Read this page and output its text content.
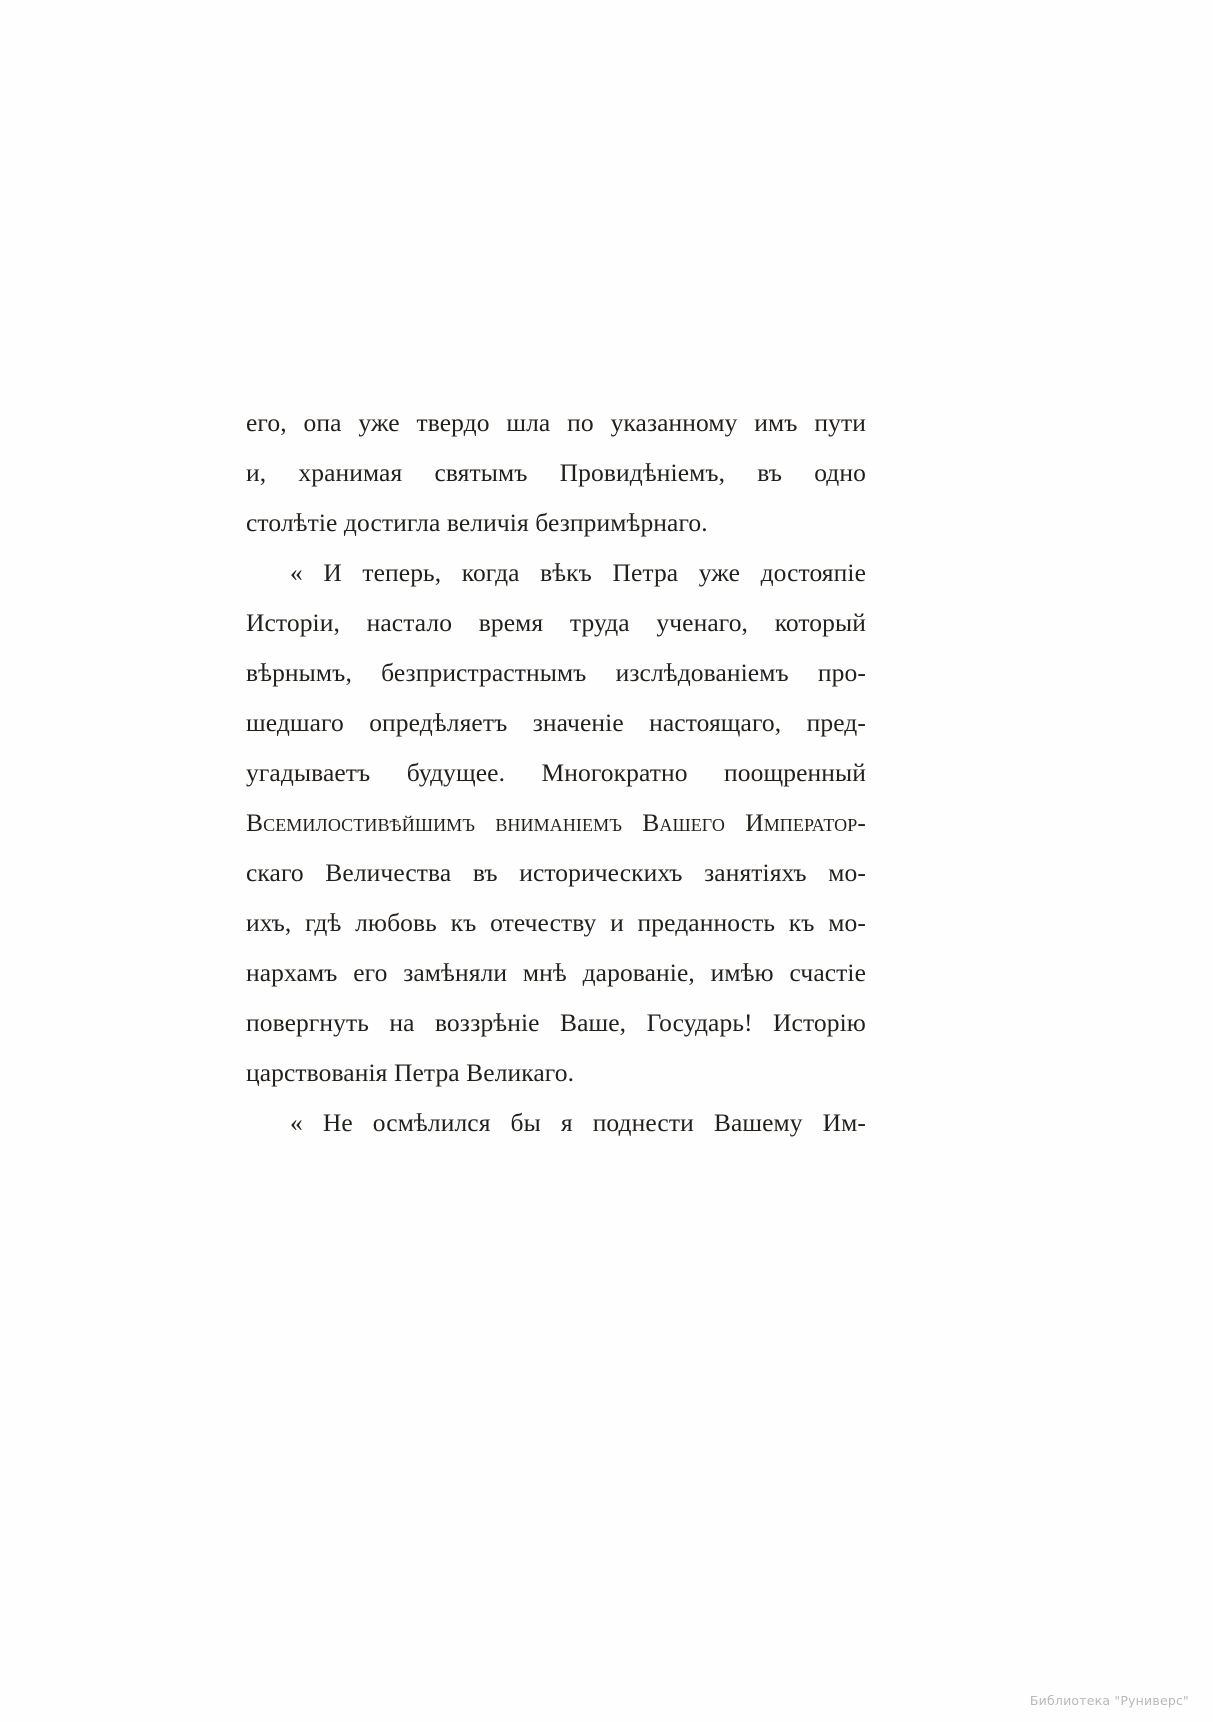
его, опа уже твердо шла по указанному имъ пути
и, хранимая святымъ Провидѣніемъ, въ одно
столѣтіе достигла величія безпримѣрнаго.

« И теперь, когда вѣкъ Петра уже достояпіе
Исторіи, настало время труда ученаго, который
вѣрнымъ, безпристрастнымъ изслѣдованіемъ про-
шедшаго опредѣляетъ значеніе настоящаго, пред-
угадываетъ будущее. Многократно поощренный
Всемилостивѣйшимъ вниманіемъ Вашего Император-
скаго Величества въ историческихъ занятіяхъ мо-
ихъ, гдѣ любовь къ отечеству и преданность къ мо-
нархамъ его замѣняли мнѣ дарованіе, имѣю счастіе
повергнуть на воззрѣніе Ваше, Государь! Исторію
царствованія Петра Великаго.

« Не осмѣлился бы я поднести Вашему Им-

Библиотека "Руниверс"
